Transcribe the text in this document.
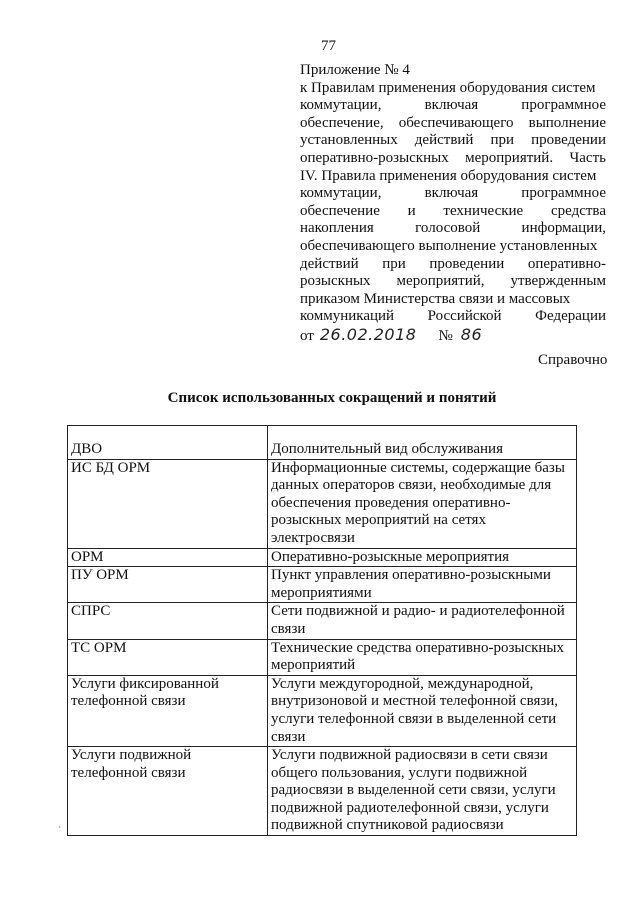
77
Приложение № 4
к Правилам применения оборудования систем
коммутации,	включая	программное
обеспечение, обеспечивающего выполнение
установленных действий при проведении
оперативно-розыскных мероприятий. Часть
IV. Правила применения оборудования систем
коммутации,	включая	программное
обеспечение и технические средства
накопления	голосовой	информации,
обеспечивающего выполнение установленных
действий при проведении оперативно-
розыскных мероприятий, утвержденным
приказом Министерства связи и массовых
коммуникаций Российской Федерации
от 26.02.2018 № 86
Справочно
Список использованных сокращений и понятий
ДВО	Дополнительный вид обслуживания
ИС БД ОРМ	Информационные системы, содержащие базы данных операторов связи, необходимые для обеспечения проведения оперативно-розыскных мероприятий на сетях электросвязи
ОРМ	Оперативно-розыскные мероприятия
ПУ ОРМ	Пункт управления оперативно-розыскными мероприятиями
СПРС	Сети подвижной и радио- и радиотелефонной связи
ТС ОРМ	Технические средства оперативно-розыскных мероприятий
Услуги фиксированной телефонной связи	Услуги междугородной, международной, внутризоновой и местной телефонной связи, услуги телефонной связи в выделенной сети связи
Услуги подвижной телефонной связи	Услуги подвижной радиосвязи в сети связи общего пользования, услуги подвижной радиосвязи в выделенной сети связи, услуги подвижной радиотелефонной связи, услуги подвижной спутниковой радиосвязи
`
